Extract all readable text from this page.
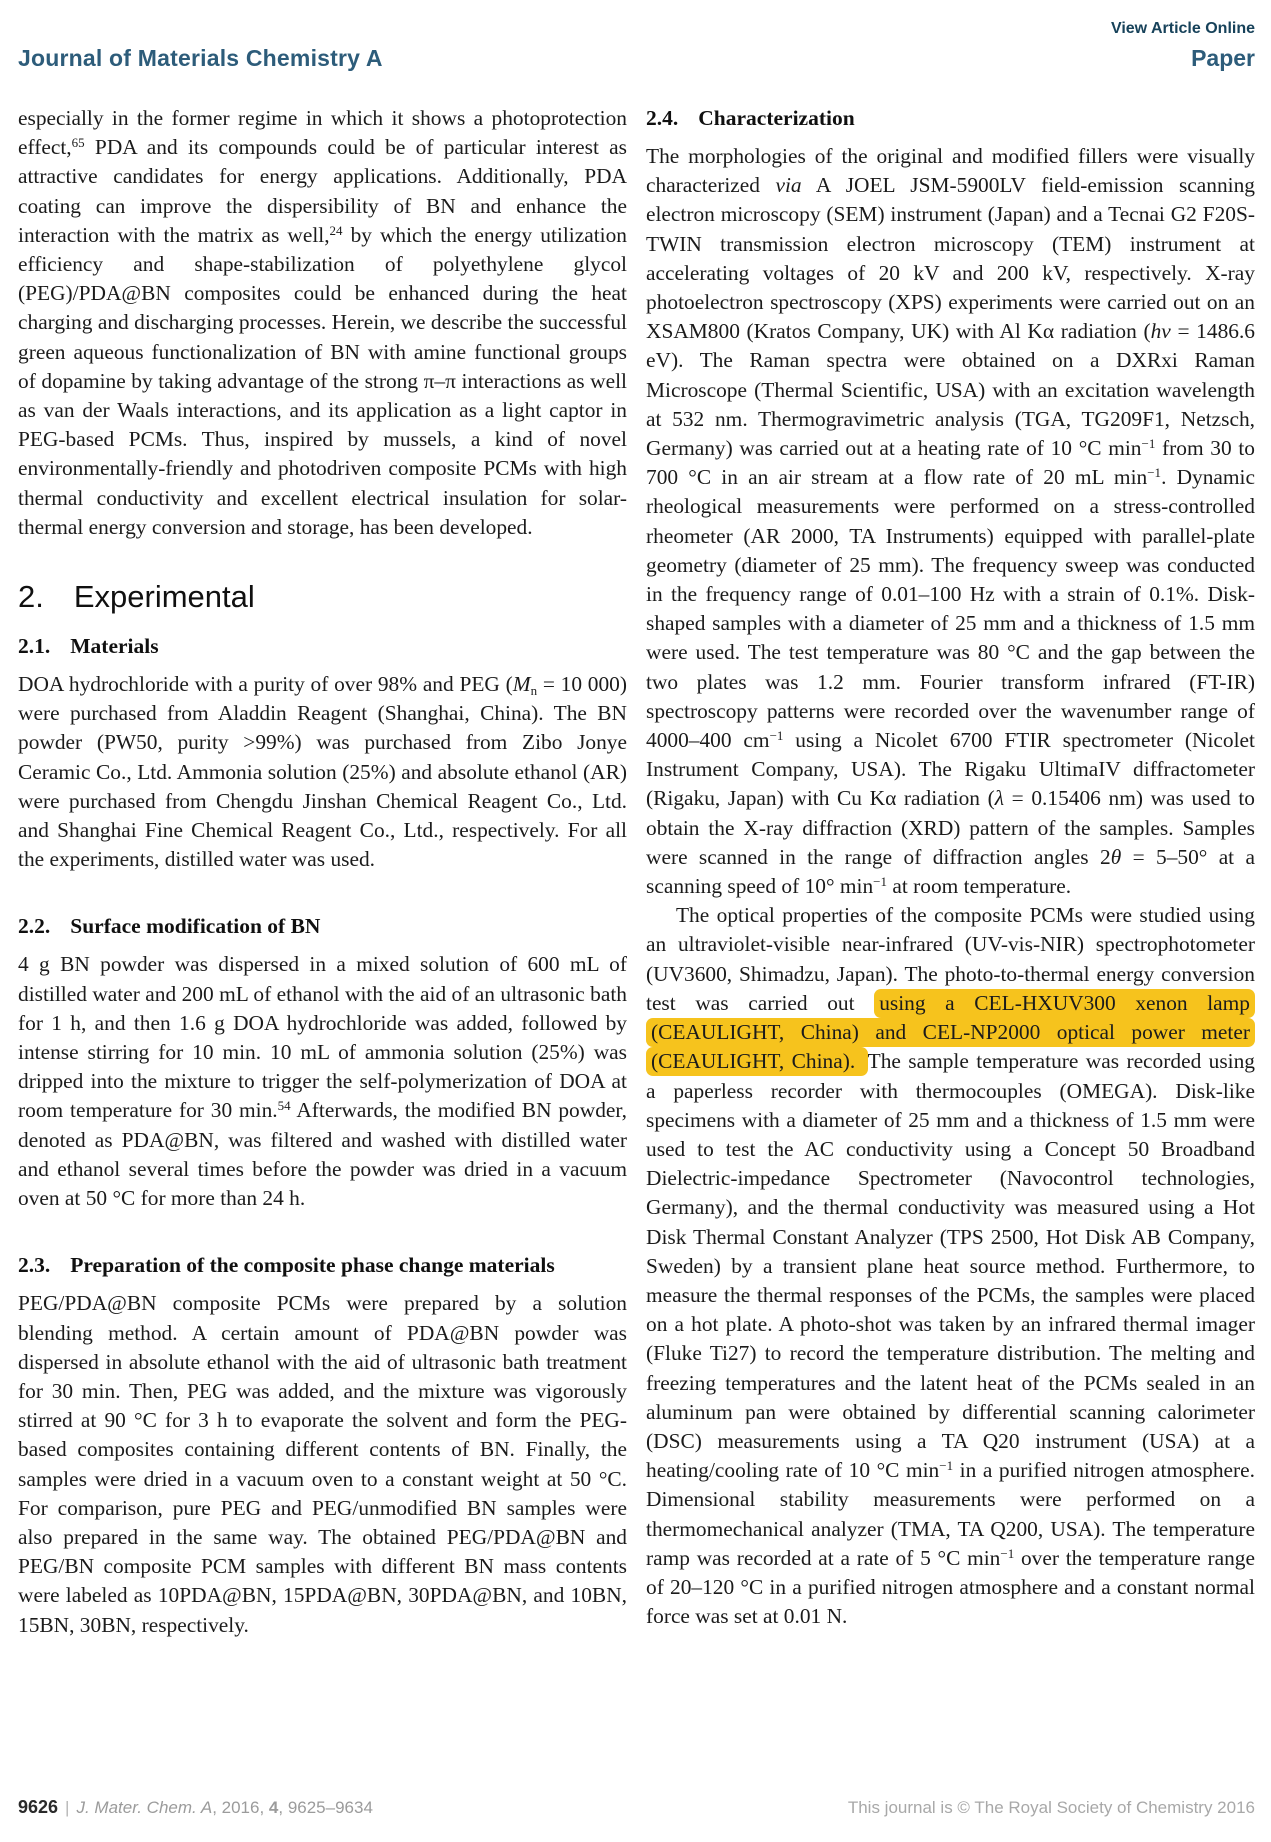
View Article Online
Journal of Materials Chemistry A	Paper

especially in the former regime in which it shows a photoprotection effect,$^{65}$ PDA and its compounds could be of particular interest as attractive candidates for energy applications. Additionally, PDA coating can improve the dispersibility of BN and enhance the interaction with the matrix as well,$^{24}$ by which the energy utilization efficiency and shape-stabilization of polyethylene glycol (PEG)/PDA@BN composites could be enhanced during the heat charging and discharging processes. Herein, we describe the successful green aqueous functionalization of BN with amine functional groups of dopamine by taking advantage of the strong π–π interactions as well as van der Waals interactions, and its application as a light captor in PEG-based PCMs. Thus, inspired by mussels, a kind of novel environmentally-friendly and photodriven composite PCMs with high thermal conductivity and excellent electrical insulation for solar-thermal energy conversion and storage, has been developed.

2. Experimental
2.1. Materials

DOA hydrochloride with a purity of over 98% and PEG ($M_n = 10$ 000) were purchased from Aladdin Reagent (Shanghai, China). The BN powder (PW50, purity >99%) was purchased from Zibo Jonye Ceramic Co., Ltd. Ammonia solution (25%) and absolute ethanol (AR) were purchased from Chengdu Jinshan Chemical Reagent Co., Ltd. and Shanghai Fine Chemical Reagent Co., Ltd., respectively. For all the experiments, distilled water was used.

2.2. Surface modification of BN

4 g BN powder was dispersed in a mixed solution of 600 mL of distilled water and 200 mL of ethanol with the aid of an ultrasonic bath for 1 h, and then 1.6 g DOA hydrochloride was added, followed by intense stirring for 10 min. 10 mL of ammonia solution (25%) was dripped into the mixture to trigger the self-polymerization of DOA at room temperature for 30 min.$^{54}$ Afterwards, the modified BN powder, denoted as PDA@BN, was filtered and washed with distilled water and ethanol several times before the powder was dried in a vacuum oven at 50 °C for more than 24 h.

2.3. Preparation of the composite phase change materials

PEG/PDA@BN composite PCMs were prepared by a solution blending method. A certain amount of PDA@BN powder was dispersed in absolute ethanol with the aid of ultrasonic bath treatment for 30 min. Then, PEG was added, and the mixture was vigorously stirred at 90 °C for 3 h to evaporate the solvent and form the PEG-based composites containing different contents of BN. Finally, the samples were dried in a vacuum oven to a constant weight at 50 °C. For comparison, pure PEG and PEG/unmodified BN samples were also prepared in the same way. The obtained PEG/PDA@BN and PEG/BN composite PCM samples with different BN mass contents were labeled as 10PDA@BN, 15PDA@BN, 30PDA@BN, and 10BN, 15BN, 30BN, respectively.

2.4. Characterization

The morphologies of the original and modified fillers were visually characterized via A JOEL JSM-5900LV field-emission scanning electron microscopy (SEM) instrument (Japan) and a Tecnai G2 F20S-TWIN transmission electron microscopy (TEM) instrument at accelerating voltages of 20 kV and 200 kV, respectively. X-ray photoelectron spectroscopy (XPS) experiments were carried out on an XSAM800 (Kratos Company, UK) with Al Kα radiation (hν = 1486.6 eV). The Raman spectra were obtained on a DXRxi Raman Microscope (Thermal Scientific, USA) with an excitation wavelength at 532 nm. Thermogravimetric analysis (TGA, TG209F1, Netzsch, Germany) was carried out at a heating rate of 10 °C $\min^{-1}$ from 30 to 700 °C in an air stream at a flow rate of 20 mL $\min^{-1}$. Dynamic rheological measurements were performed on a stress-controlled rheometer (AR 2000, TA Instruments) equipped with parallel-plate geometry (diameter of 25 mm). The frequency sweep was conducted in the frequency range of 0.01–100 Hz with a strain of 0.1%. Disk-shaped samples with a diameter of 25 mm and a thickness of 1.5 mm were used. The test temperature was 80 °C and the gap between the two plates was 1.2 mm. Fourier transform infrared (FT-IR) spectroscopy patterns were recorded over the wavenumber range of 4000–400 $cm^{-1}$ using a Nicolet 6700 FTIR spectrometer (Nicolet Instrument Company, USA). The Rigaku UltimaIV diffractometer (Rigaku, Japan) with Cu Kα radiation (λ = 0.15406 nm) was used to obtain the X-ray diffraction (XRD) pattern of the samples. Samples were scanned in the range of diffraction angles 2θ = 5–50° at a scanning speed of 10° $\min^{-1}$ at room temperature.

The optical properties of the composite PCMs were studied using an ultraviolet-visible near-infrared (UV-vis-NIR) spectrophotometer (UV3600, Shimadzu, Japan). The photo-to-thermal energy conversion test was carried out using a CEL-HXUV300 xenon lamp (CEAULIGHT, China) and CEL-NP2000 optical power meter (CEAULIGHT, China). The sample temperature was recorded using a paperless recorder with thermocouples (OMEGA). Disk-like specimens with a diameter of 25 mm and a thickness of 1.5 mm were used to test the AC conductivity using a Concept 50 Broadband Dielectric-impedance Spectrometer (Navocontrol technologies, Germany), and the thermal conductivity was measured using a Hot Disk Thermal Constant Analyzer (TPS 2500, Hot Disk AB Company, Sweden) by a transient plane heat source method. Furthermore, to measure the thermal responses of the PCMs, the samples were placed on a hot plate. A photo-shot was taken by an infrared thermal imager (Fluke Ti27) to record the temperature distribution. The melting and freezing temperatures and the latent heat of the PCMs sealed in an aluminum pan were obtained by differential scanning calorimeter (DSC) measurements using a TA Q20 instrument (USA) at a heating/cooling rate of 10 °C $\min^{-1}$ in a purified nitrogen atmosphere. Dimensional stability measurements were performed on a thermomechanical analyzer (TMA, TA Q200, USA). The temperature ramp was recorded at a rate of 5 °C $\min^{-1}$ over the temperature range of 20–120 °C in a purified nitrogen atmosphere and a constant normal force was set at 0.01 N.

9626 | J. Mater. Chem. A, 2016, 4, 9625–9634	This journal is © The Royal Society of Chemistry 2016
